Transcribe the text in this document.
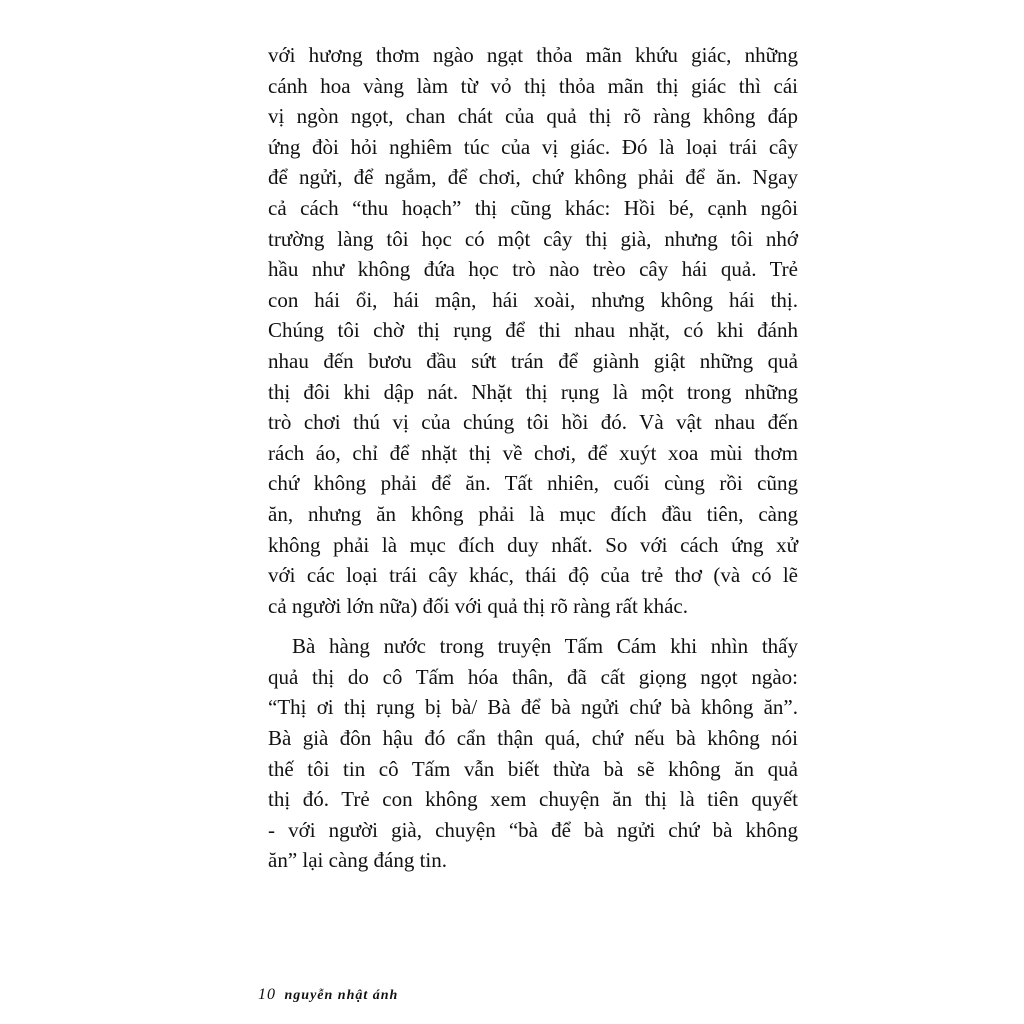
với hương thơm ngào ngạt thỏa mãn khứu giác, những
cánh hoa vàng làm từ vỏ thị thỏa mãn thị giác thì cái
vị ngòn ngọt, chan chát của quả thị rõ ràng không đáp
ứng đòi hỏi nghiêm túc của vị giác. Đó là loại trái cây
để ngửi, để ngắm, để chơi, chứ không phải để ăn. Ngay
cả cách “thu hoạch” thị cũng khác: Hồi bé, cạnh ngôi
trường làng tôi học có một cây thị già, nhưng tôi nhớ
hầu như không đứa học trò nào trèo cây hái quả. Trẻ
con hái ổi, hái mận, hái xoài, nhưng không hái thị.
Chúng tôi chờ thị rụng để thi nhau nhặt, có khi đánh
nhau đến bươu đầu sứt trán để giành giật những quả
thị đôi khi dập nát. Nhặt thị rụng là một trong những
trò chơi thú vị của chúng tôi hồi đó. Và vật nhau đến
rách áo, chỉ để nhặt thị về chơi, để xuýt xoa mùi thơm
chứ không phải để ăn. Tất nhiên, cuối cùng rồi cũng
ăn, nhưng ăn không phải là mục đích đầu tiên, càng
không phải là mục đích duy nhất. So với cách ứng xử
với các loại trái cây khác, thái độ của trẻ thơ (và có lẽ
cả người lớn nữa) đối với quả thị rõ ràng rất khác.
Bà hàng nước trong truyện Tấm Cám khi nhìn thấy
quả thị do cô Tấm hóa thân, đã cất giọng ngọt ngào:
“Thị ơi thị rụng bị bà/ Bà để bà ngửi chứ bà không ăn”.
Bà già đôn hậu đó cẩn thận quá, chứ nếu bà không nói
thế tôi tin cô Tấm vẫn biết thừa bà sẽ không ăn quả
thị đó. Trẻ con không xem chuyện ăn thị là tiên quyết
- với người già, chuyện “bà để bà ngửi chứ bà không
ăn” lại càng đáng tin.
10 nguyễn nhật ánh
